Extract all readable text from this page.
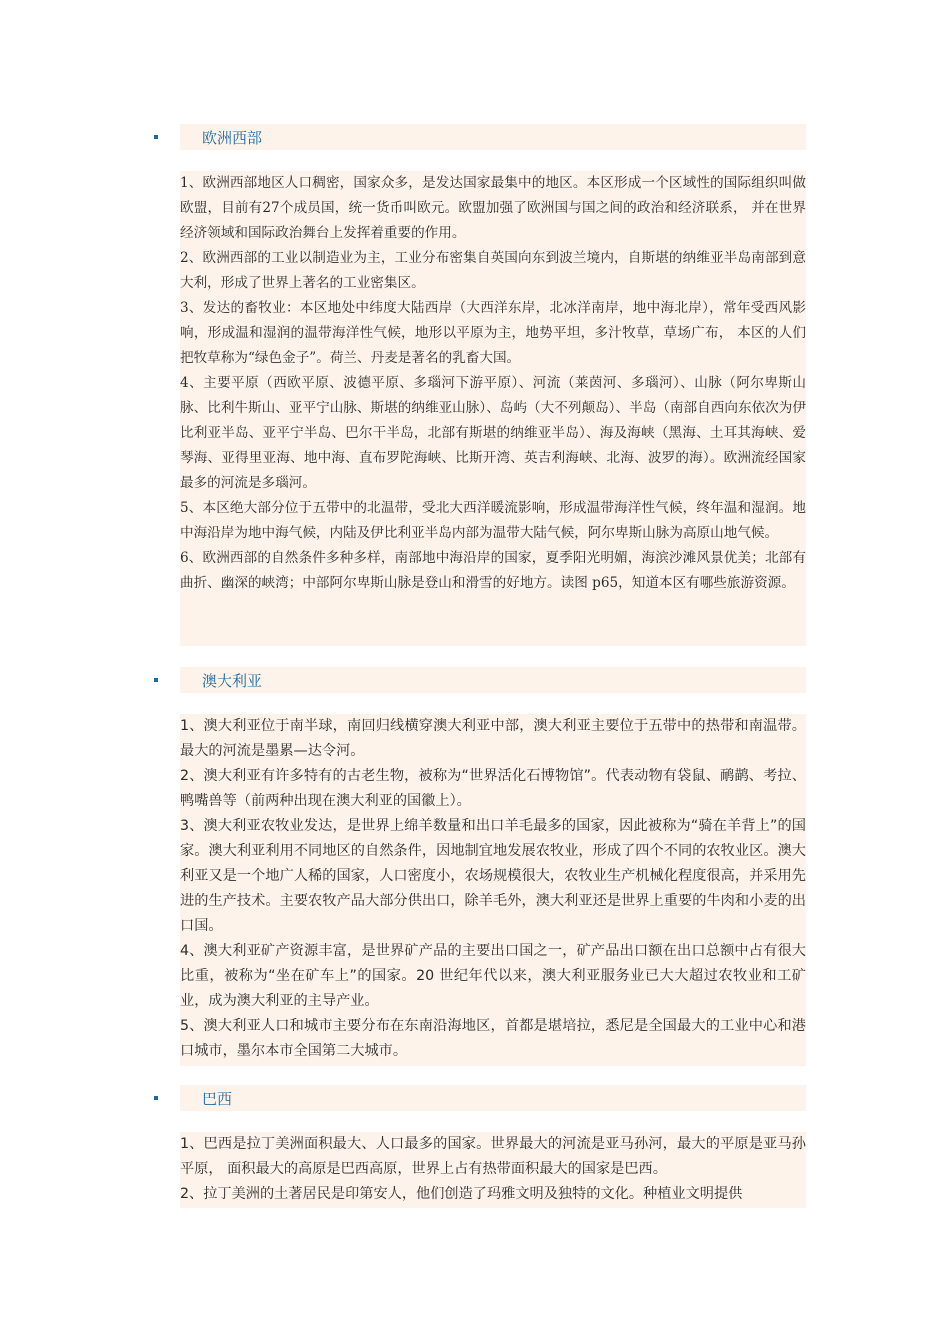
欧洲西部

1、欧洲西部地区人口稠密，国家众多，是发达国家最集中的地区。本区形成一个区域性的国际组织叫做欧盟，目前有27个成员国，统一货币叫欧元。欧盟加强了欧洲国与国之间的政治和经济联系， 并在世界经济领域和国际政治舞台上发挥着重要的作用。

2、欧洲西部的工业以制造业为主，工业分布密集自英国向东到波兰境内，自斯堪的纳维亚半岛南部到意大利，形成了世界上著名的工业密集区。

3、发达的畜牧业：本区地处中纬度大陆西岸（大西洋东岸，北冰洋南岸，地中海北岸），常年受西风影响，形成温和湿润的温带海洋性气候，地形以平原为主，地势平坦，多汁牧草，草场广布， 本区的人们把牧草称为“绿色金子”。荷兰、丹麦是著名的乳畜大国。

4、主要平原（西欧平原、波德平原、多瑙河下游平原）、河流（莱茵河、多瑙河）、山脉（阿尔卑斯山脉、比利牛斯山、亚平宁山脉、斯堪的纳维亚山脉）、岛屿（大不列颠岛）、半岛（南部自西向东依次为伊比利亚半岛、亚平宁半岛、巴尔干半岛，北部有斯堪的纳维亚半岛）、海及海峡（黑海、土耳其海峡、爱琴海、亚得里亚海、地中海、直布罗陀海峡、比斯开湾、英吉利海峡、北海、波罗的海）。欧洲流经国家最多的河流是多瑙河。

5、本区绝大部分位于五带中的北温带，受北大西洋暖流影响，形成温带海洋性气候，终年温和湿润。地中海沿岸为地中海气候，内陆及伊比利亚半岛内部为温带大陆气候，阿尔卑斯山脉为高原山地气候。

6、欧洲西部的自然条件多种多样，南部地中海沿岸的国家，夏季阳光明媚，海滨沙滩风景优美；北部有曲折、幽深的峡湾；中部阿尔卑斯山脉是登山和滑雪的好地方。读图 p65，知道本区有哪些旅游资源。

澳大利亚

1、澳大利亚位于南半球，南回归线横穿澳大利亚中部，澳大利亚主要位于五带中的热带和南温带。最大的河流是墨累—达令河。

2、澳大利亚有许多特有的古老生物，被称为“世界活化石博物馆”。代表动物有袋鼠、鸸鹋、考拉、鸭嘴兽等（前两种出现在澳大利亚的国徽上）。

3、澳大利亚农牧业发达，是世界上绵羊数量和出口羊毛最多的国家，因此被称为“骑在羊背上”的国家。澳大利亚利用不同地区的自然条件，因地制宜地发展农牧业，形成了四个不同的农牧业区。澳大利亚又是一个地广人稀的国家，人口密度小，农场规模很大，农牧业生产机械化程度很高，并采用先进的生产技术。主要农牧产品大部分供出口，除羊毛外，澳大利亚还是世界上重要的牛肉和小麦的出口国。

4、澳大利亚矿产资源丰富，是世界矿产品的主要出口国之一，矿产品出口额在出口总额中占有很大比重，被称为“坐在矿车上”的国家。20 世纪年代以来，澳大利亚服务业已大大超过农牧业和工矿业，成为澳大利亚的主导产业。

5、澳大利亚人口和城市主要分布在东南沿海地区，首都是堪培拉，悉尼是全国最大的工业中心和港口城市，墨尔本市全国第二大城市。

巴西

1、巴西是拉丁美洲面积最大、人口最多的国家。世界最大的河流是亚马孙河，最大的平原是亚马孙平原， 面积最大的高原是巴西高原，世界上占有热带面积最大的国家是巴西。

2、拉丁美洲的土著居民是印第安人，他们创造了玛雅文明及独特的文化。种植业文明提供
